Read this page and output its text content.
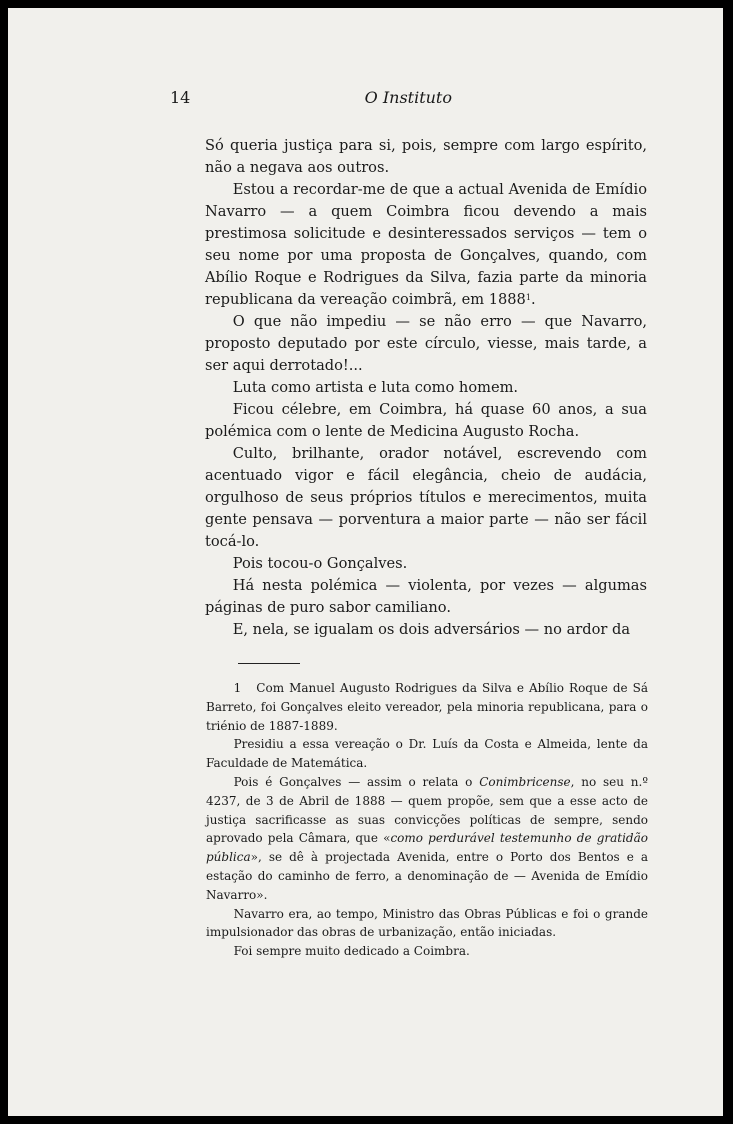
14	O Instituto

Só queria justiça para si, pois, sempre com largo espírito, não a negava aos outros.

Estou a recordar-me de que a actual Avenida de Emídio Navarro — a quem Coimbra ficou devendo a mais prestimosa solicitude e desinteressados serviços — tem o seu nome por uma proposta de Gonçalves, quando, com Abílio Roque e Rodrigues da Silva, fazia parte da minoria republicana da vereação coimbrã, em 1888$^1$.

O que não impediu — se não erro — que Navarro, proposto deputado por este círculo, viesse, mais tarde, a ser aqui derrotado!...

Luta como artista e luta como homem.

Ficou célebre, em Coimbra, há quase 60 anos, a sua polémica com o lente de Medicina Augusto Rocha.

Culto, brilhante, orador notável, escrevendo com acentuado vigor e fácil elegância, cheio de audácia, orgulhoso de seus próprios títulos e merecimentos, muita gente pensava — porventura a maior parte — não ser fácil tocá-lo.

Pois tocou-o Gonçalves.

Há nesta polémica — violenta, por vezes — algumas páginas de puro sabor camiliano.

E, nela, se igualam os dois adversários — no ardor da

1 Com Manuel Augusto Rodrigues da Silva e Abílio Roque de Sá Barreto, foi Gonçalves eleito vereador, pela minoria republicana, para o triénio de 1887-1889.

Presidiu a essa vereação o Dr. Luís da Costa e Almeida, lente da Faculdade de Matemática.

Pois é Gonçalves — assim o relata o Conimbricense, no seu n.º 4237, de 3 de Abril de 1888 — quem propõe, sem que a esse acto de justiça sacrificasse as suas convicções políticas de sempre, sendo aprovado pela Câmara, que «como perdurável testemunho de gratidão pública», se dê à projectada Avenida, entre o Porto dos Bentos e a estação do caminho de ferro, a denominação de — Avenida de Emídio Navarro».

Navarro era, ao tempo, Ministro das Obras Públicas e foi o grande impulsionador das obras de urbanização, então iniciadas.

Foi sempre muito dedicado a Coimbra.
